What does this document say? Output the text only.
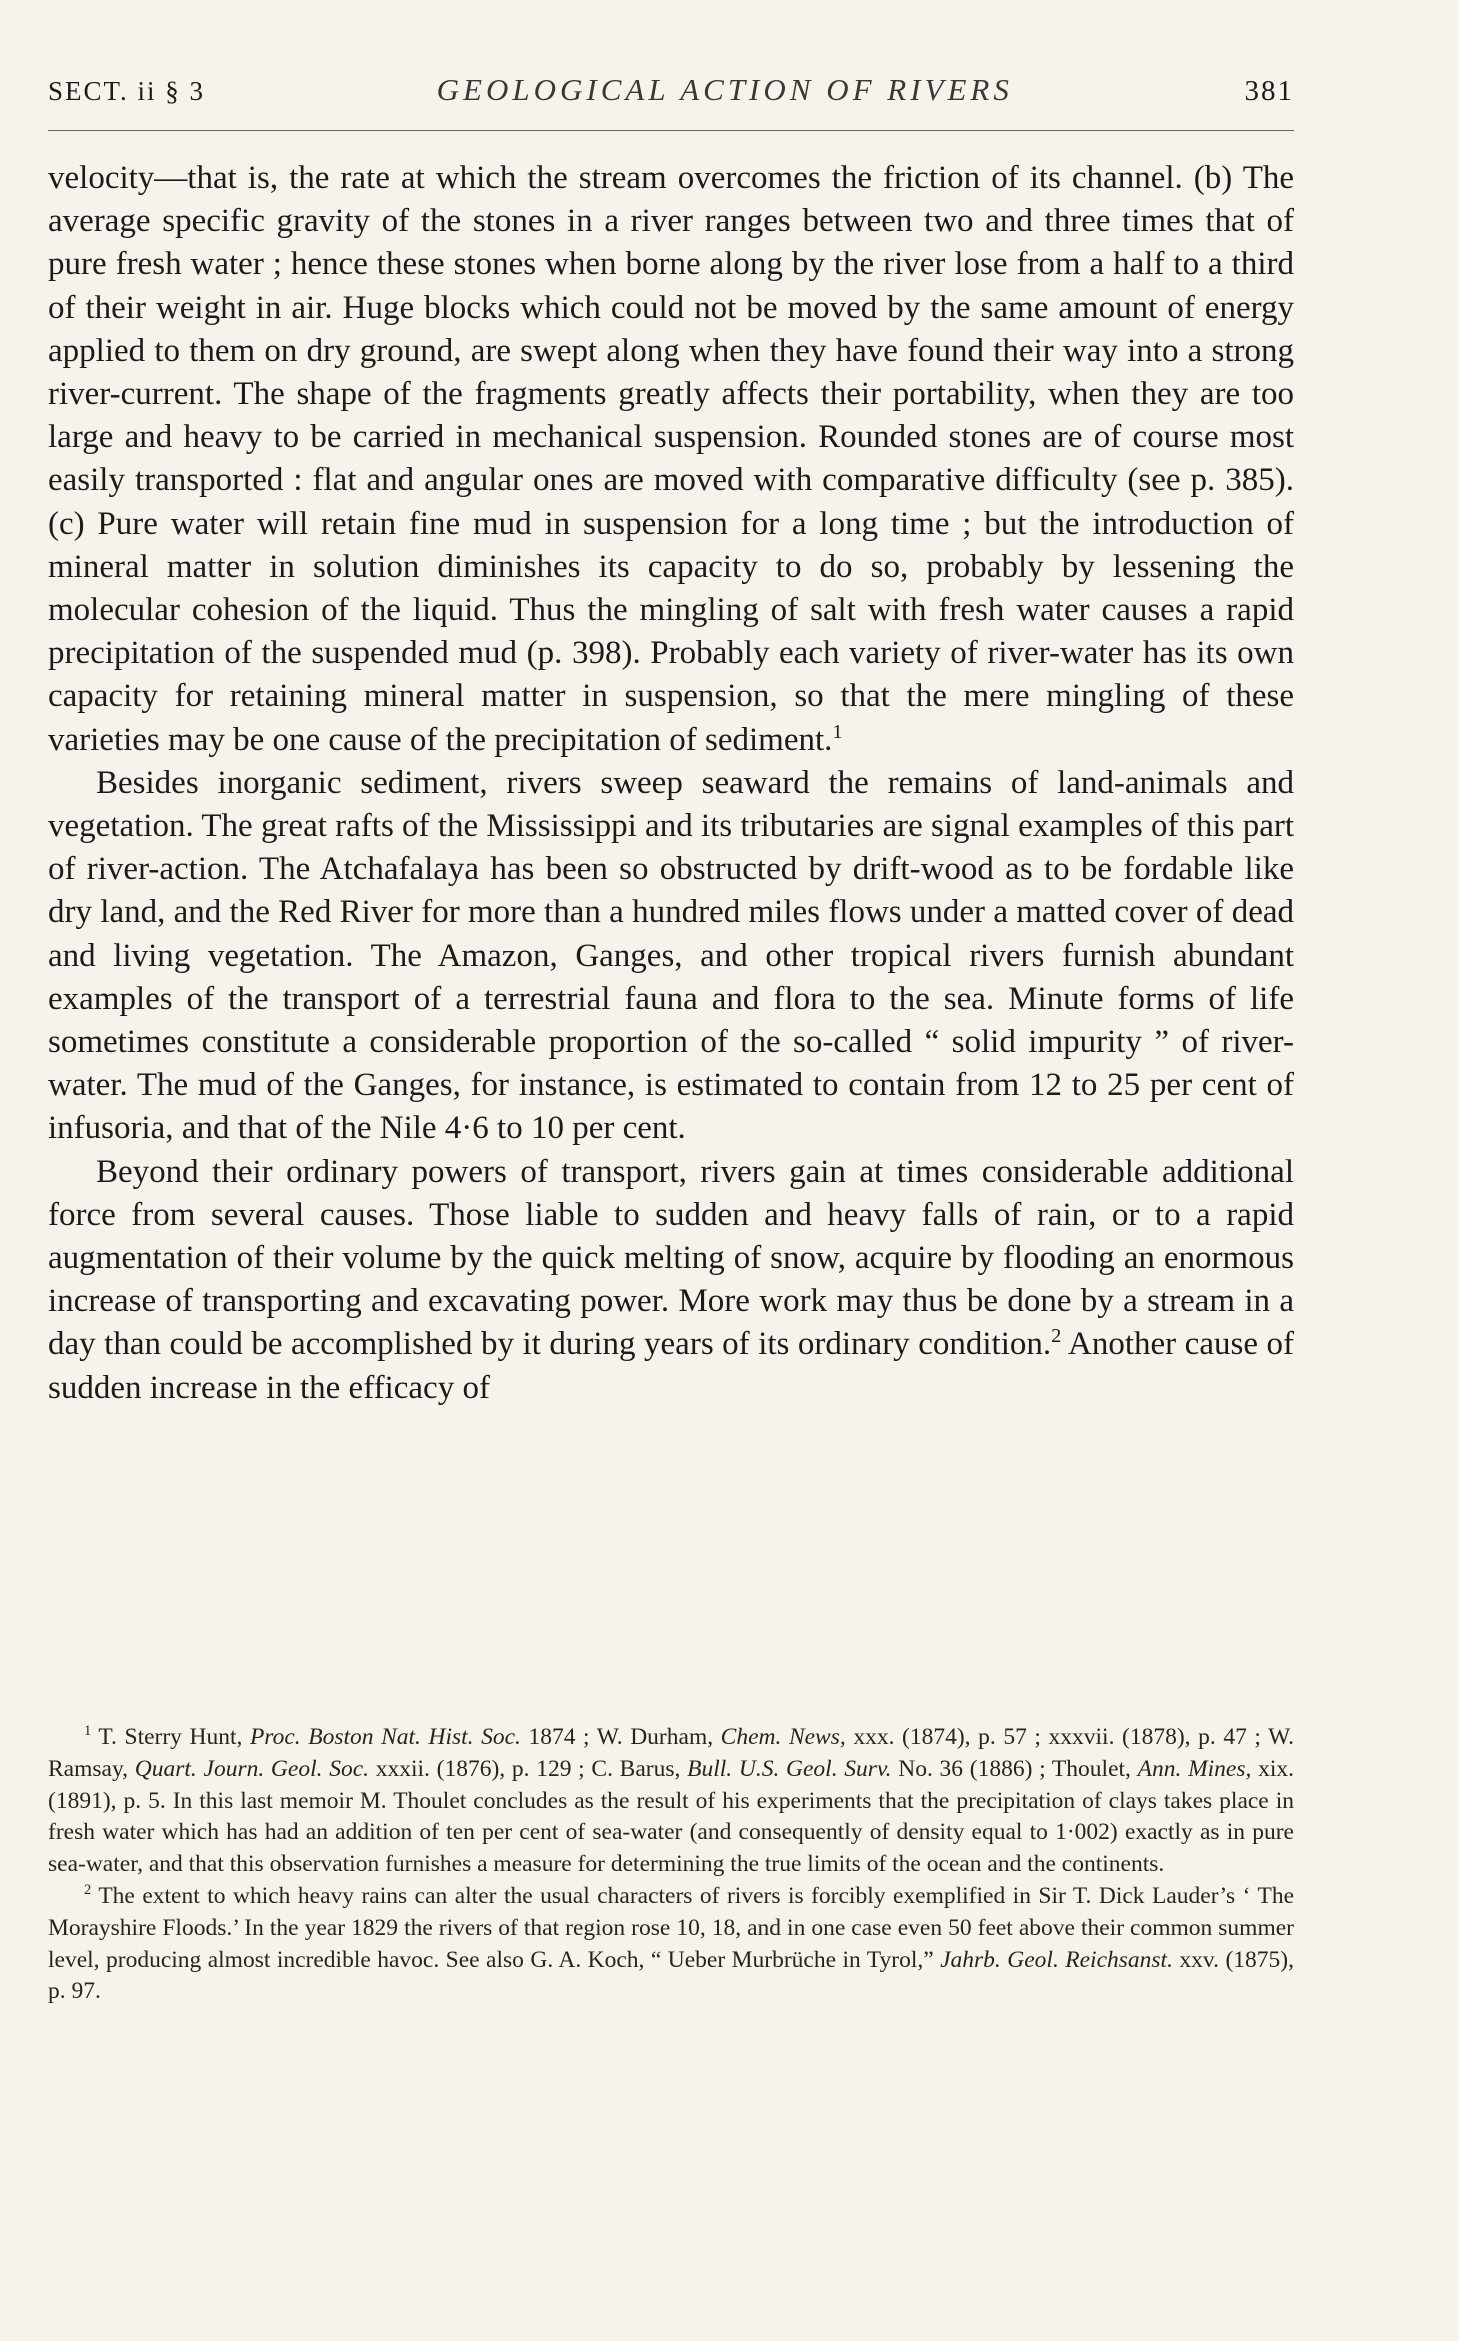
SECT. ii § 3	GEOLOGICAL ACTION OF RIVERS	381

velocity—that is, the rate at which the stream overcomes the friction of its channel. (b) The average specific gravity of the stones in a river ranges between two and three times that of pure fresh water ; hence these stones when borne along by the river lose from a half to a third of their weight in air. Huge blocks which could not be moved by the same amount of energy applied to them on dry ground, are swept along when they have found their way into a strong river-current. The shape of the fragments greatly affects their portability, when they are too large and heavy to be carried in mechanical suspension. Rounded stones are of course most easily transported : flat and angular ones are moved with comparative difficulty (see p. 385). (c) Pure water will retain fine mud in suspension for a long time ; but the introduction of mineral matter in solution diminishes its capacity to do so, probably by lessening the molecular cohesion of the liquid. Thus the mingling of salt with fresh water causes a rapid precipitation of the suspended mud (p. 398). Probably each variety of river-water has its own capacity for retaining mineral matter in suspension, so that the mere mingling of these varieties may be one cause of the precipitation of sediment.$^1$

Besides inorganic sediment, rivers sweep seaward the remains of land-animals and vegetation. The great rafts of the Mississippi and its tributaries are signal examples of this part of river-action. The Atchafalaya has been so obstructed by drift-wood as to be fordable like dry land, and the Red River for more than a hundred miles flows under a matted cover of dead and living vegetation. The Amazon, Ganges, and other tropical rivers furnish abundant examples of the transport of a terrestrial fauna and flora to the sea. Minute forms of life sometimes constitute a considerable proportion of the so-called “ solid impurity ” of river-water. The mud of the Ganges, for instance, is estimated to contain from 12 to 25 per cent of infusoria, and that of the Nile 4·6 to 10 per cent.

Beyond their ordinary powers of transport, rivers gain at times considerable additional force from several causes. Those liable to sudden and heavy falls of rain, or to a rapid augmentation of their volume by the quick melting of snow, acquire by flooding an enormous increase of transporting and excavating power. More work may thus be done by a stream in a day than could be accomplished by it during years of its ordinary condition.$^2$ Another cause of sudden increase in the efficacy of

$^1$ T. Sterry Hunt, Proc. Boston Nat. Hist. Soc. 1874 ; W. Durham, Chem. News, xxx. (1874), p. 57 ; xxxvii. (1878), p. 47 ; W. Ramsay, Quart. Journ. Geol. Soc. xxxii. (1876), p. 129 ; C. Barus, Bull. U.S. Geol. Surv. No. 36 (1886) ; Thoulet, Ann. Mines, xix. (1891), p. 5. In this last memoir M. Thoulet concludes as the result of his experiments that the precipitation of clays takes place in fresh water which has had an addition of ten per cent of sea-water (and consequently of density equal to 1·002) exactly as in pure sea-water, and that this observation furnishes a measure for determining the true limits of the ocean and the continents.

$^2$ The extent to which heavy rains can alter the usual characters of rivers is forcibly exemplified in Sir T. Dick Lauder’s ‘ The Morayshire Floods.’ In the year 1829 the rivers of that region rose 10, 18, and in one case even 50 feet above their common summer level, producing almost incredible havoc. See also G. A. Koch, “ Ueber Murbrüche in Tyrol,” Jahrb. Geol. Reichsanst. xxv. (1875), p. 97.
